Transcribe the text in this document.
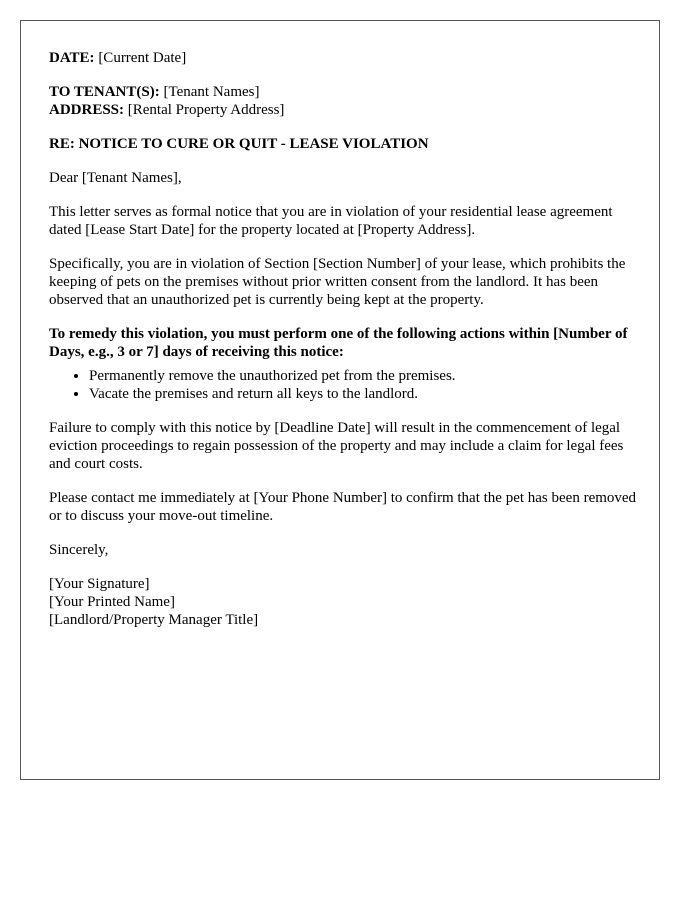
DATE: [Current Date]

TO TENANT(S): [Tenant Names]

ADDRESS: [Rental Property Address]

RE: NOTICE TO CURE OR QUIT - LEASE VIOLATION

Dear [Tenant Names],

This letter serves as formal notice that you are in violation of your residential lease agreement dated [Lease Start Date] for the property located at [Property Address].

Specifically, you are in violation of Section [Section Number] of your lease, which prohibits the keeping of pets on the premises without prior written consent from the landlord. It has been observed that an unauthorized pet is currently being kept at the property.

To remedy this violation, you must perform one of the following actions within [Number of Days, e.g., 3 or 7] days of receiving this notice:

• Permanently remove the unauthorized pet from the premises.
• Vacate the premises and return all keys to the landlord.

Failure to comply with this notice by [Deadline Date] will result in the commencement of legal eviction proceedings to regain possession of the property and may include a claim for legal fees and court costs.

Please contact me immediately at [Your Phone Number] to confirm that the pet has been removed or to discuss your move-out timeline.

Sincerely,

[Your Signature]
[Your Printed Name]
[Landlord/Property Manager Title]
